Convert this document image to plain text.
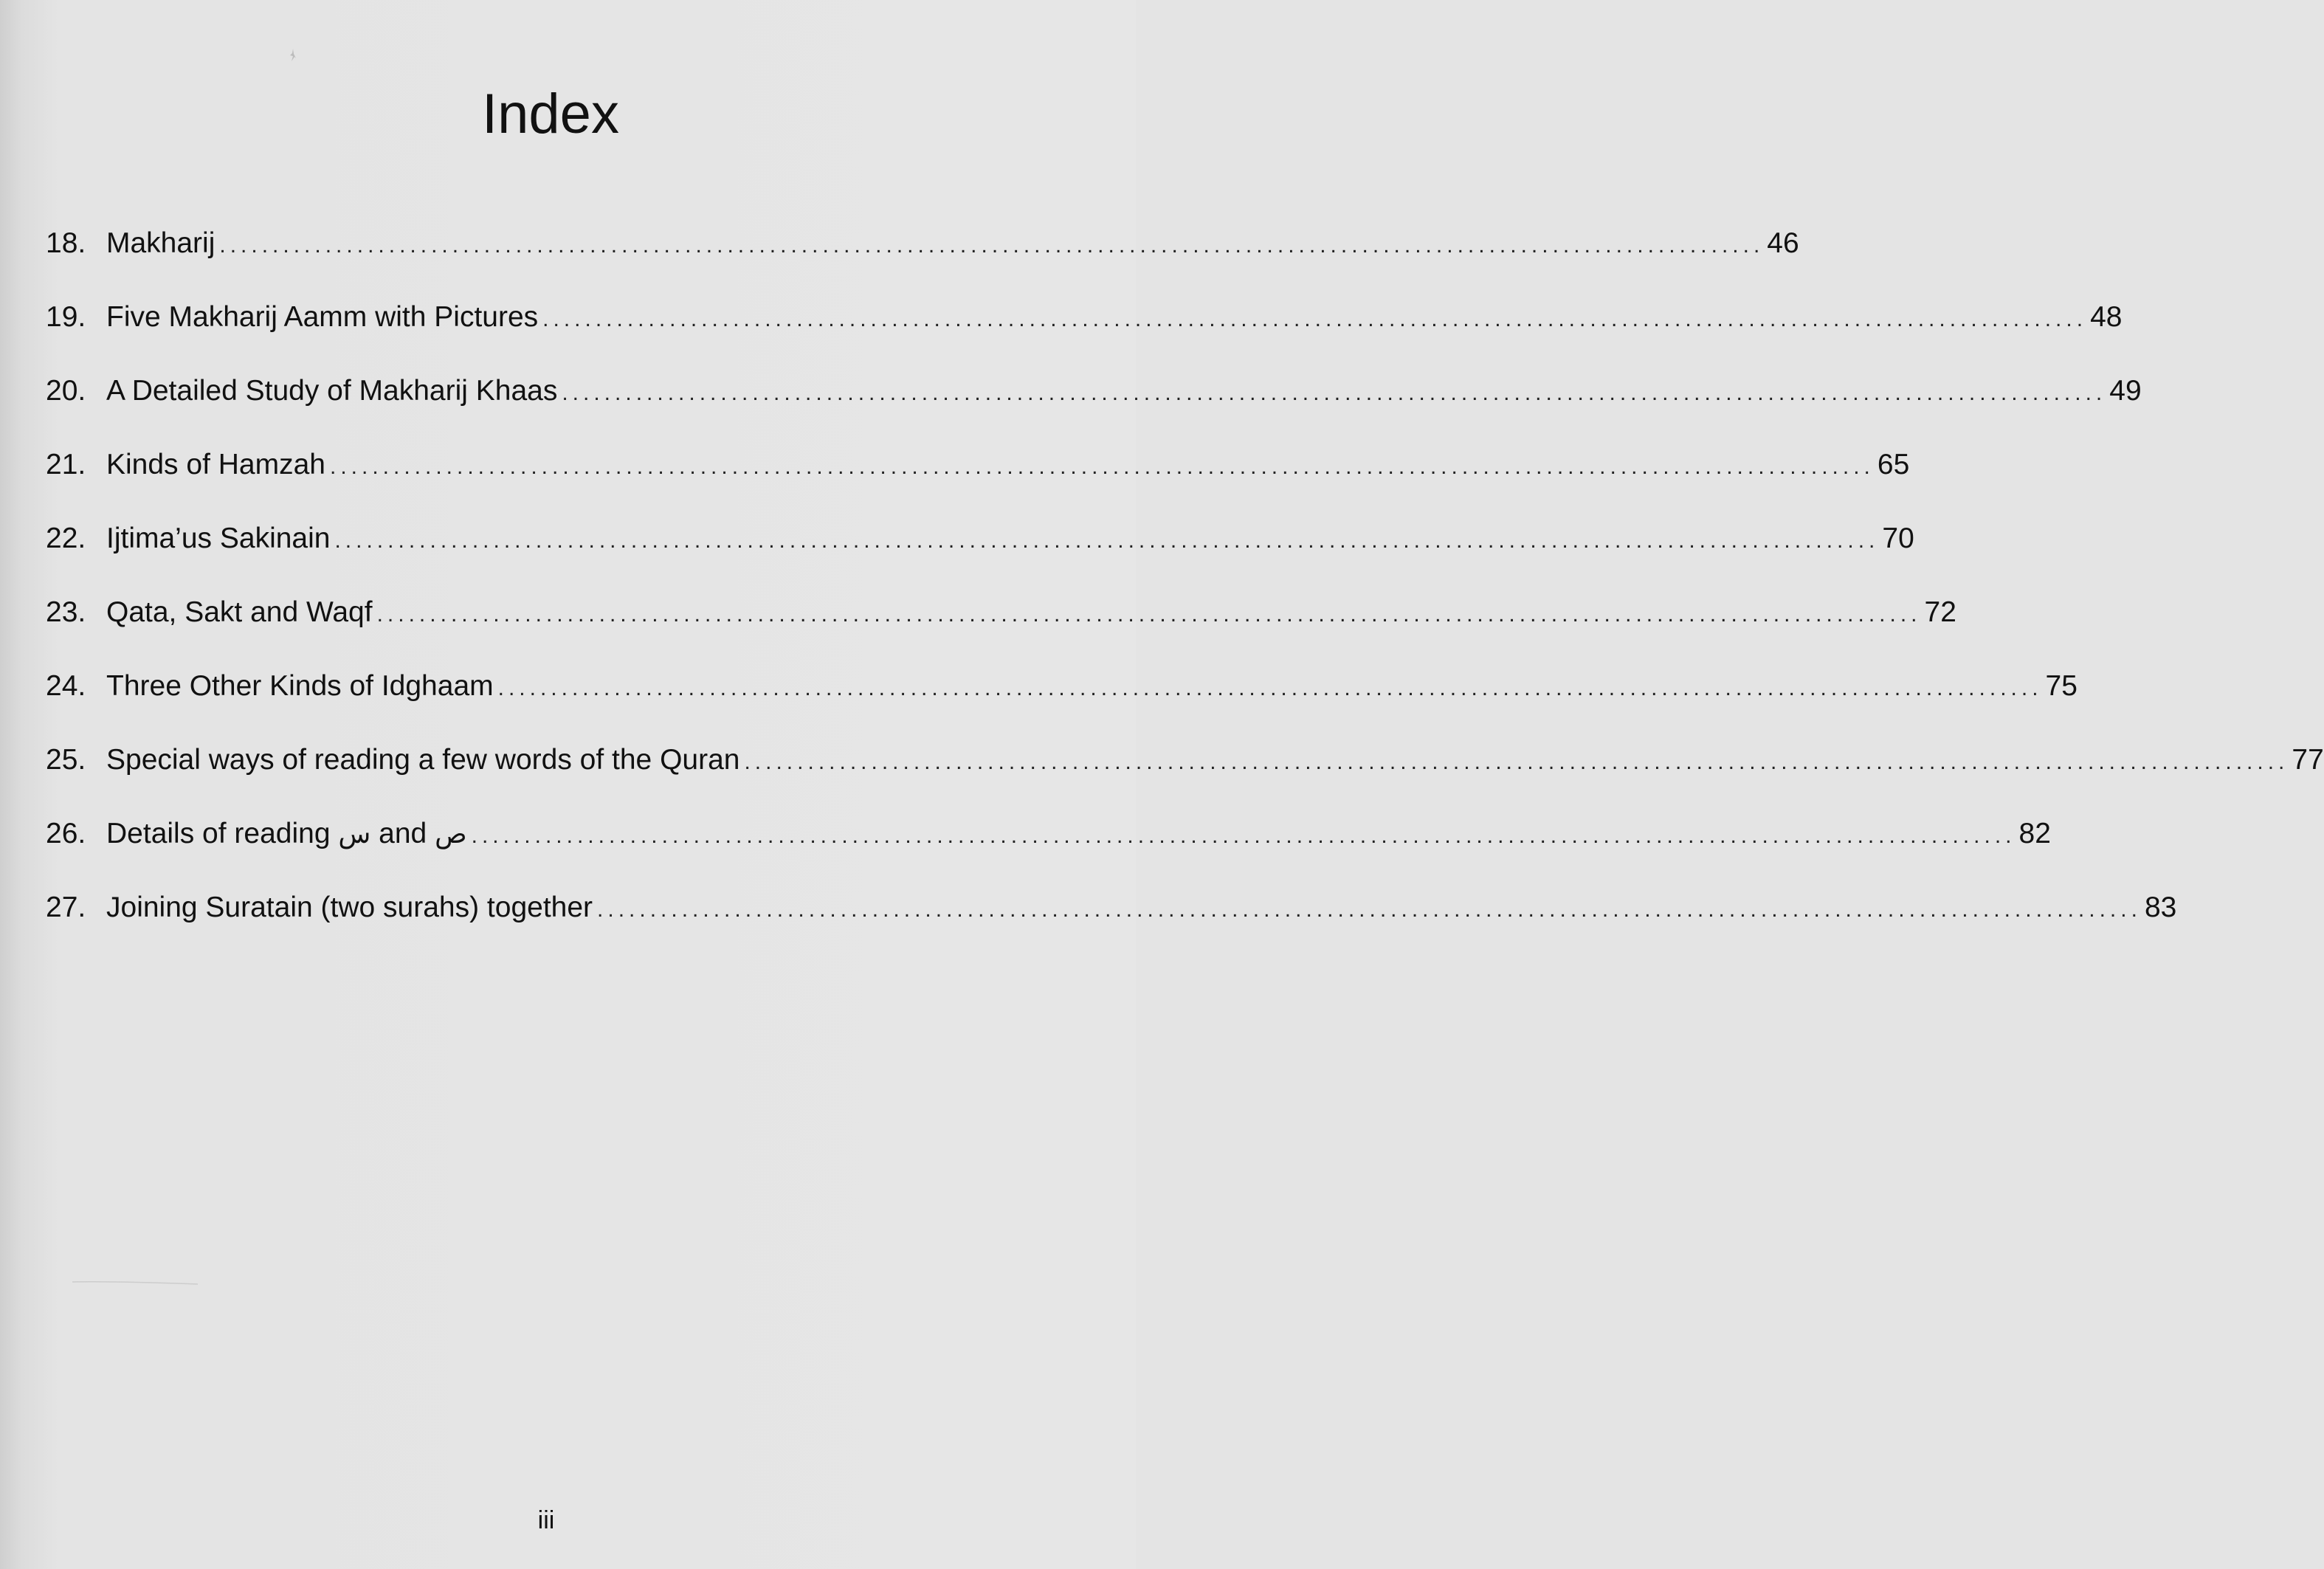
Index
18. Makharij .................................................................................................................................................. 46
19. Five Makharij Aamm with Pictures .................................................................................................................................................. 48
20. A Detailed Study of Makharij Khaas .................................................................................................................................................. 49
21. Kinds of Hamzah .................................................................................................................................................. 65
22. Ijtima’us Sakinain .................................................................................................................................................. 70
23. Qata, Sakt and Waqf .................................................................................................................................................. 72
24. Three Other Kinds of Idghaam .................................................................................................................................................. 75
25. Special ways of reading a few words of the Quran .................................................................................................................................................. 77
26. Details of reading س and ص .................................................................................................................................................. 82
27. Joining Suratain (two surahs) together .................................................................................................................................................. 83
iii
